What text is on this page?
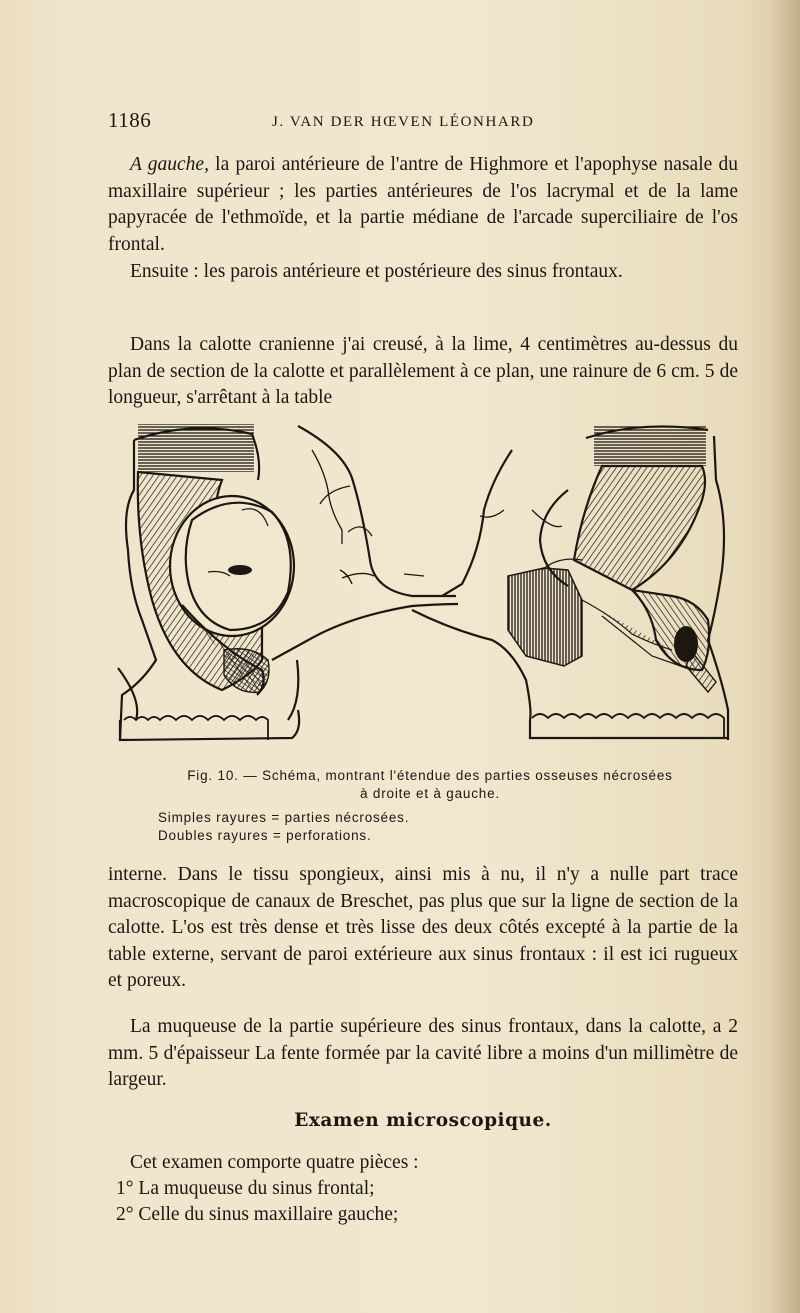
1186	J. VAN DER HŒVEN LÉONHARD

A gauche, la paroi antérieure de l'antre de Highmore et l'apophyse nasale du maxillaire supérieur ; les parties antérieures de l'os lacrymal et de la lame papyracée de l'ethmoïde, et la partie médiane de l'arcade superciliaire de l'os frontal.

Ensuite : les parois antérieure et postérieure des sinus frontaux.

Dans la calotte cranienne j'ai creusé, à la lime, 4 centimètres au-dessus du plan de section de la calotte et parallèlement à ce plan, une rainure de 6 cm. 5 de longueur, s'arrêtant à la table

Fig. 10. — Schéma, montrant l'étendue des parties osseuses nécrosées
à droite et à gauche.
Simples rayures = parties nécrosées.
Doubles rayures = perforations.

interne. Dans le tissu spongieux, ainsi mis à nu, il n'y a nulle part trace macroscopique de canaux de Breschet, pas plus que sur la ligne de section de la calotte. L'os est très dense et très lisse des deux côtés excepté à la partie de la table externe, servant de paroi extérieure aux sinus frontaux : il est ici rugueux et poreux.

La muqueuse de la partie supérieure des sinus frontaux, dans la calotte, a 2 mm. 5 d'épaisseur La fente formée par la cavité libre a moins d'un millimètre de largeur.

Examen microscopique.
Cet examen comporte quatre pièces :
1° La muqueuse du sinus frontal;
2° Celle du sinus maxillaire gauche;
